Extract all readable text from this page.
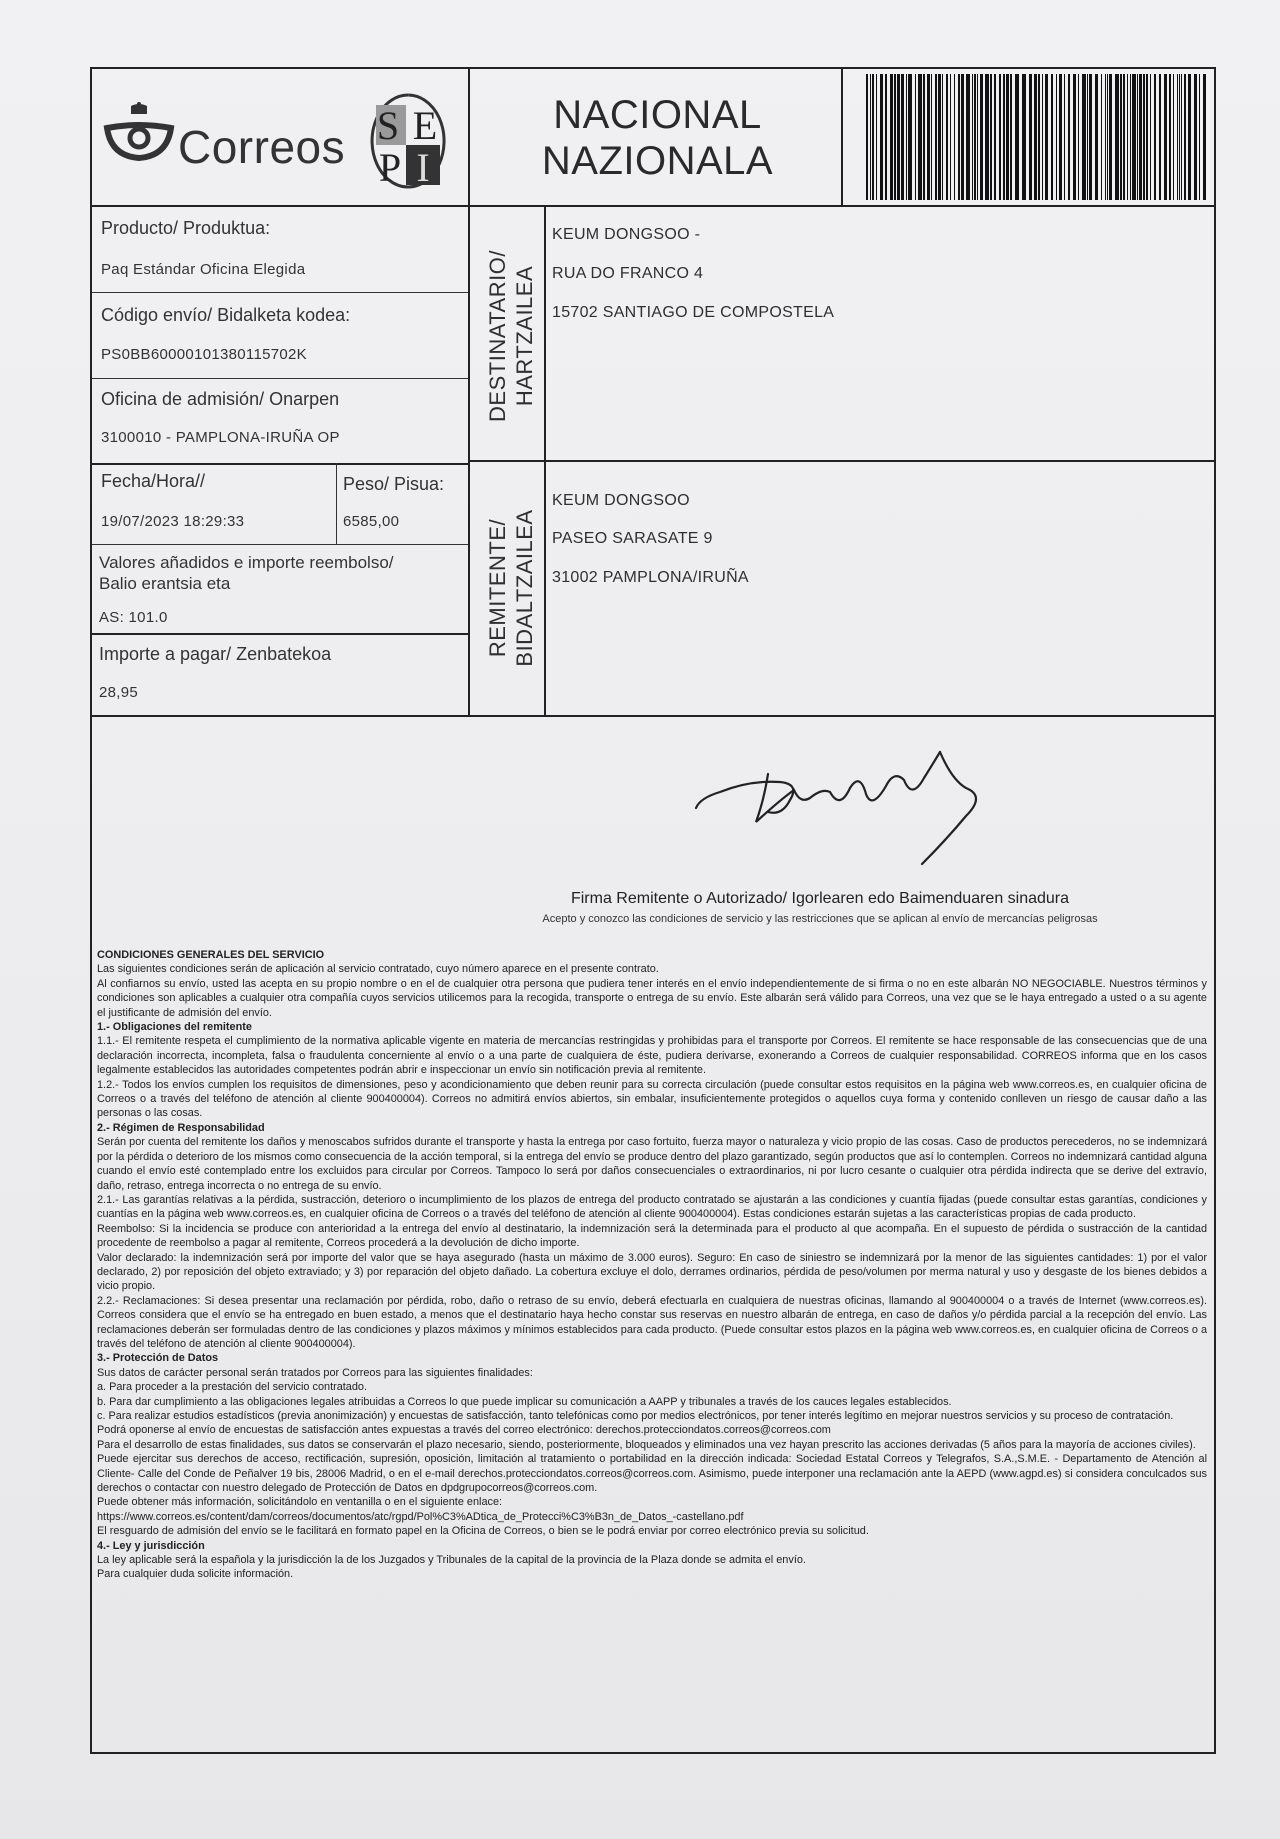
Correos S E
P I
NACIONAL
NAZIONALA
Producto/ Produktua:
Paq Estándar Oficina Elegida
Código envío/ Bidalketa kodea:
PS0BB60000101380115702K
Oficina de admisión/ Onarpen
3100010 - PAMPLONA-IRUÑA OP
Fecha/Hora//
19/07/2023 18:29:33
Peso/ Pisua:
6585,00
Valores añadidos e importe reembolso/
Balio erantsia eta
AS: 101.0
Importe a pagar/ Zenbatekoa
28,95
DESTINATARIO/ HARTZAILEA
REMITENTE/ BIDALTZAILEA
KEUM DONGSOO -
RUA DO FRANCO 4
15702 SANTIAGO DE COMPOSTELA
KEUM DONGSOO
PASEO SARASATE 9
31002 PAMPLONA/IRUÑA
Firma Remitente o Autorizado/ Igorlearen edo Baimenduaren sinadura
Acepto y conozco las condiciones de servicio y las restricciones que se aplican al envío de mercancías peligrosas

CONDICIONES GENERALES DEL SERVICIO

Las siguientes condiciones serán de aplicación al servicio contratado, cuyo número aparece en el presente contrato.

Al confiarnos su envío, usted las acepta en su propio nombre o en el de cualquier otra persona que pudiera tener interés en el envío independientemente de si firma o no en este albarán NO NEGOCIABLE. Nuestros términos y condiciones son aplicables a cualquier otra compañía cuyos servicios utilicemos para la recogida, transporte o entrega de su envío. Este albarán será válido para Correos, una vez que se le haya entregado a usted o a su agente el justificante de admisión del envío.

1.- Obligaciones del remitente

1.1.- El remitente respeta el cumplimiento de la normativa aplicable vigente en materia de mercancías restringidas y prohibidas para el transporte por Correos. El remitente se hace responsable de las consecuencias que de una declaración incorrecta, incompleta, falsa o fraudulenta concerniente al envío o a una parte de cualquiera de éste, pudiera derivarse, exonerando a Correos de cualquier responsabilidad. CORREOS informa que en los casos legalmente establecidos las autoridades competentes podrán abrir e inspeccionar un envío sin notificación previa al remitente.

1.2.- Todos los envíos cumplen los requisitos de dimensiones, peso y acondicionamiento que deben reunir para su correcta circulación (puede consultar estos requisitos en la página web www.correos.es, en cualquier oficina de Correos o a través del teléfono de atención al cliente 900400004). Correos no admitirá envíos abiertos, sin embalar, insuficientemente protegidos o aquellos cuya forma y contenido conlleven un riesgo de causar daño a las personas o las cosas.

2.- Régimen de Responsabilidad

Serán por cuenta del remitente los daños y menoscabos sufridos durante el transporte y hasta la entrega por caso fortuito, fuerza mayor o naturaleza y vicio propio de las cosas. Caso de productos perecederos, no se indemnizará por la pérdida o deterioro de los mismos como consecuencia de la acción temporal, si la entrega del envío se produce dentro del plazo garantizado, según productos que así lo contemplen. Correos no indemnizará cantidad alguna cuando el envío esté contemplado entre los excluidos para circular por Correos. Tampoco lo será por daños consecuenciales o extraordinarios, ni por lucro cesante o cualquier otra pérdida indirecta que se derive del extravío, daño, retraso, entrega incorrecta o no entrega de su envío.

2.1.- Las garantías relativas a la pérdida, sustracción, deterioro o incumplimiento de los plazos de entrega del producto contratado se ajustarán a las condiciones y cuantía fijadas (puede consultar estas garantías, condiciones y cuantías en la página web www.correos.es, en cualquier oficina de Correos o a través del teléfono de atención al cliente 900400004). Estas condiciones estarán sujetas a las características propias de cada producto.

Reembolso: Si la incidencia se produce con anterioridad a la entrega del envío al destinatario, la indemnización será la determinada para el producto al que acompaña. En el supuesto de pérdida o sustracción de la cantidad procedente de reembolso a pagar al remitente, Correos procederá a la devolución de dicho importe.

Valor declarado: la indemnización será por importe del valor que se haya asegurado (hasta un máximo de 3.000 euros). Seguro: En caso de siniestro se indemnizará por la menor de las siguientes cantidades: 1) por el valor declarado, 2) por reposición del objeto extraviado; y 3) por reparación del objeto dañado. La cobertura excluye el dolo, derrames ordinarios, pérdida de peso/volumen por merma natural y uso y desgaste de los bienes debidos a vicio propio.

2.2.- Reclamaciones: Si desea presentar una reclamación por pérdida, robo, daño o retraso de su envío, deberá efectuarla en cualquiera de nuestras oficinas, llamando al 900400004 o a través de Internet (www.correos.es). Correos considera que el envío se ha entregado en buen estado, a menos que el destinatario haya hecho constar sus reservas en nuestro albarán de entrega, en caso de daños y/o pérdida parcial a la recepción del envío. Las reclamaciones deberán ser formuladas dentro de las condiciones y plazos máximos y mínimos establecidos para cada producto. (Puede consultar estos plazos en la página web www.correos.es, en cualquier oficina de Correos o a través del teléfono de atención al cliente 900400004).

3.- Protección de Datos

Sus datos de carácter personal serán tratados por Correos para las siguientes finalidades:

a. Para proceder a la prestación del servicio contratado.

b. Para dar cumplimiento a las obligaciones legales atribuidas a Correos lo que puede implicar su comunicación a AAPP y tribunales a través de los cauces legales establecidos.

c. Para realizar estudios estadísticos (previa anonimización) y encuestas de satisfacción, tanto telefónicas como por medios electrónicos, por tener interés legítimo en mejorar nuestros servicios y su proceso de contratación.

Podrá oponerse al envío de encuestas de satisfacción antes expuestas a través del correo electrónico: derechos.protecciondatos.correos@correos.com

Para el desarrollo de estas finalidades, sus datos se conservarán el plazo necesario, siendo, posteriormente, bloqueados y eliminados una vez hayan prescrito las acciones derivadas (5 años para la mayoría de acciones civiles).

Puede ejercitar sus derechos de acceso, rectificación, supresión, oposición, limitación al tratamiento o portabilidad en la dirección indicada: Sociedad Estatal Correos y Telegrafos, S.A.,S.M.E. - Departamento de Atención al Cliente- Calle del Conde de Peñalver 19 bis, 28006 Madrid, o en el e-mail derechos.protecciondatos.correos@correos.com. Asimismo, puede interponer una reclamación ante la AEPD (www.agpd.es) si considera conculcados sus derechos o contactar con nuestro delegado de Protección de Datos en dpdgrupocorreos@correos.com.

Puede obtener más información, solicitándolo en ventanilla o en el siguiente enlace:

https://www.correos.es/content/dam/correos/documentos/atc/rgpd/Pol%C3%ADtica_de_Protecci%C3%B3n_de_Datos_-castellano.pdf

El resguardo de admisión del envío se le facilitará en formato papel en la Oficina de Correos, o bien se le podrá enviar por correo electrónico previa su solicitud.

4.- Ley y jurisdicción

La ley aplicable será la española y la jurisdicción la de los Juzgados y Tribunales de la capital de la provincia de la Plaza donde se admita el envío.

Para cualquier duda solicite información.
